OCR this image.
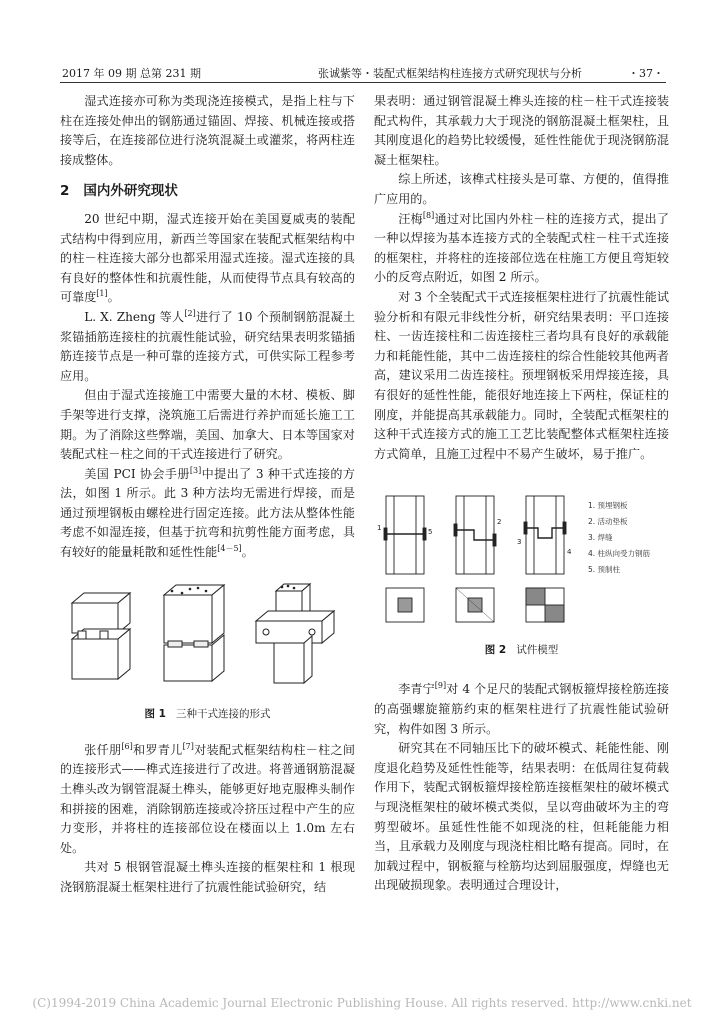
2017 年 09 期 总第 231 期	张诚紫等・装配式框架结构柱连接方式研究现状与分析	・37・

湿式连接亦可称为类现浇连接模式，是指上柱与下柱在连接处伸出的钢筋通过锚固、焊接、机械连接或搭接等后，在连接部位进行浇筑混凝土或灌浆，将两柱连接成整体。

2 国内外研究现状

20 世纪中期，湿式连接开始在美国夏威夷的装配式结构中得到应用，新西兰等国家在装配式框架结构中的柱－柱连接大部分也都采用湿式连接。湿式连接的具有良好的整体性和抗震性能，从而使得节点具有较高的可靠度[1]。

L. X. Zheng 等人[2]进行了 10 个预制钢筋混凝土浆锚插筋连接柱的抗震性能试验，研究结果表明浆锚插筋连接节点是一种可靠的连接方式，可供实际工程参考应用。

但由于湿式连接施工中需要大量的木材、模板、脚手架等进行支撑，浇筑施工后需进行养护而延长施工工期。为了消除这些弊端，美国、加拿大、日本等国家对装配式柱－柱之间的干式连接进行了研究。

美国 PCI 协会手册[3]中提出了 3 种干式连接的方法，如图 1 所示。此 3 种方法均无需进行焊接，而是通过预埋钢板由螺栓进行固定连接。此方法从整体性能考虑不如湿连接，但基于抗弯和抗剪性能方面考虑，具有较好的能量耗散和延性性能[4－5]。

图 1 三种干式连接的形式

张仟朋[6]和罗青儿[7]对装配式框架结构柱－柱之间的连接形式——榫式连接进行了改进。将普通钢筋混凝土榫头改为钢管混凝土榫头，能够更好地克服榫头制作和拼接的困难，消除钢筋连接或冷挤压过程中产生的应力变形，并将柱的连接部位设在楼面以上 1.0m 左右处。

共对 5 根钢管混凝土榫头连接的框架柱和 1 根现浇钢筋混凝土框架柱进行了抗震性能试验研究，结

果表明：通过钢管混凝土榫头连接的柱－柱干式连接装配式构件，其承载力大于现浇的钢筋混凝土框架柱，且其刚度退化的趋势比较缓慢，延性性能优于现浇钢筋混凝土框架柱。

综上所述，该榫式柱接头是可靠、方便的，值得推广应用的。

汪梅[8]通过对比国内外柱－柱的连接方式，提出了一种以焊接为基本连接方式的全装配式柱－柱干式连接的框架柱，并将柱的连接部位选在柱施工方便且弯矩较小的反弯点附近，如图 2 所示。

对 3 个全装配式干式连接框架柱进行了抗震性能试验分析和有限元非线性分析，研究结果表明：平口连接柱、一齿连接柱和二齿连接柱三者均具有良好的承载能力和耗能性能，其中二齿连接柱的综合性能较其他两者高，建议采用二齿连接柱。预埋钢板采用焊接连接，具有很好的延性性能，能很好地连接上下两柱，保证柱的刚度，并能提高其承载能力。同时，全装配式框架柱的这种干式连接方式的施工工艺比装配整体式框架柱连接方式简单，且施工过程中不易产生破坏，易于推广。

1	5
2
3
4
1. 预埋钢板
2. 活动垫板
3. 焊缝
4. 柱纵向受力钢筋
5. 预制柱
图 2 试件模型

李青宁[9]对 4 个足尺的装配式钢板箍焊接栓筋连接的高强螺旋箍筋约束的框架柱进行了抗震性能试验研究，构件如图 3 所示。

研究其在不同轴压比下的破坏模式、耗能性能、刚度退化趋势及延性性能等，结果表明：在低周往复荷载作用下，装配式钢板箍焊接栓筋连接框架柱的破坏模式与现浇框架柱的破坏模式类似，呈以弯曲破坏为主的弯剪型破坏。虽延性性能不如现浇的柱，但耗能能力相当，且承载力及刚度与现浇柱相比略有提高。同时，在加载过程中，钢板箍与栓筋均达到屈服强度，焊缝也无出现破损现象。表明通过合理设计，

(C)1994-2019 China Academic Journal Electronic Publishing House. All rights reserved. http://www.cnki.net
